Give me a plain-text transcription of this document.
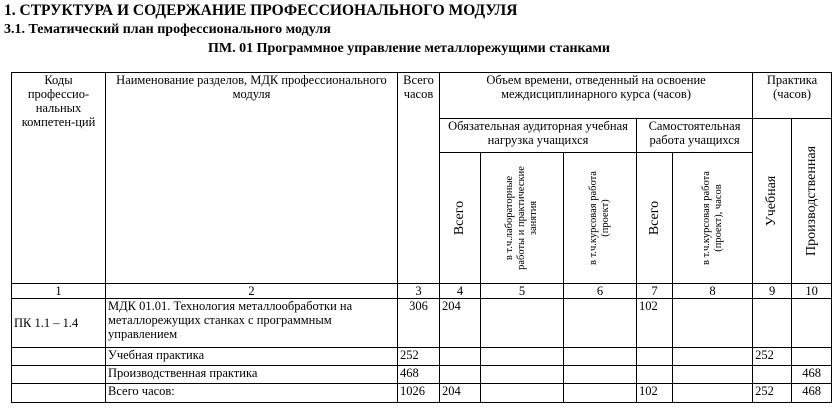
1. СТРУКТУРА И СОДЕРЖАНИЕ ПРОФЕССИОНАЛЬНОГО МОДУЛЯ
3.1. Тематический план профессионального модуля
ПМ. 01 Программное управление металлорежущими станками
Коды профессио-нальных компетен-ций	Наименование разделов, МДК профессионального модуля	Всего часов	Объем времени, отведенный на освоение междисциплинарного курса (часов)					Практика (часов)	
			Обязательная аудиторная учебная нагрузка учащихся			Самостоятельная работа учащихся		Учебная	Производственная

			Всего	в т.ч.лабораторные работы и практические занятия	в т.ч.курсовая работа (проект)	Всего	в т.ч.курсовая работа (проект), часов		

1	2	3	4	5	6	7	8	9	10
ПК 1.1 – 1.4	МДК 01.01. Технология металлообработки на металлорежущих станках с программным управлением	306	204			102			
	Учебная практика	252						252	
	Производственная практика	468							468
	Всего часов:	1026	204			102		252	468
